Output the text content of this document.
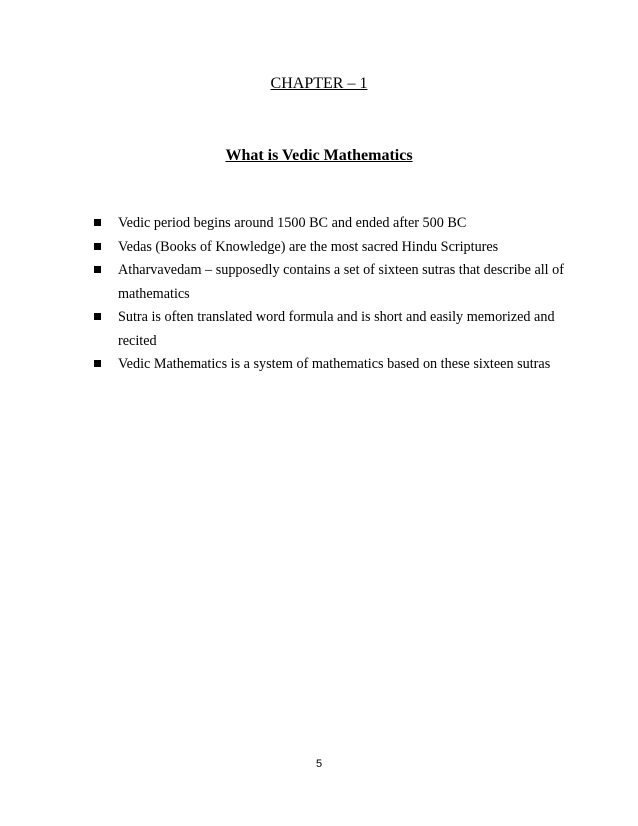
CHAPTER – 1
What is Vedic Mathematics
Vedic period begins around 1500 BC and ended after 500 BC
Vedas (Books of Knowledge) are the most sacred Hindu Scriptures
Atharvavedam – supposedly contains a set of sixteen sutras that describe all of mathematics
Sutra is often translated word formula and is short and easily memorized and recited
Vedic Mathematics is a system of mathematics based on these sixteen sutras

5
